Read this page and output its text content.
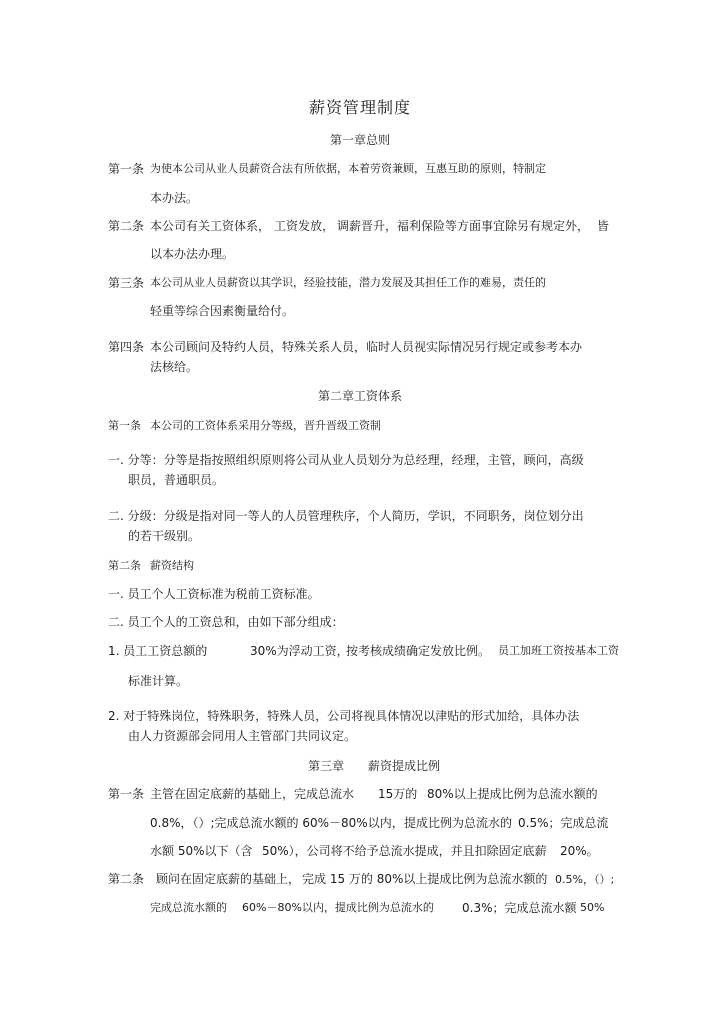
薪资管理制度
第一章总则
第一条 为使本公司从业人员薪资合法有所依据，本着劳资兼顾，互惠互助的原则，特制定
本办法。
第二条 本公司有关工资体系， 工资发放， 调薪晋升，福利保险等方面事宜除另有规定外， 皆
以本办法办理。
第三条 本公司从业人员薪资以其学识，经验技能，潜力发展及其担任工作的难易，责任的
轻重等综合因素衡量给付。
第四条 本公司顾问及特约人员，特殊关系人员，临时人员视实际情况另行规定或参考本办
法核给。
第二章工资体系
第一条 本公司的工资体系采用分等级，晋升晋级工资制
一. 分等：分等是指按照组织原则将公司从业人员划分为总经理，经理，主管，顾问，高级
职员，普通职员。
二. 分级：分级是指对同一等人的人员管理秩序，个人简历，学识，不同职务，岗位划分出
的若干级别。
第二条 薪资结构
一. 员工个人工资标准为税前工资标准。
二. 员工个人的工资总和，由如下部分组成：
1. 员工工资总额的	30%为浮动工资，
按考核成绩确定发放比例。 员工加班工资按基本工资
标准计算。
2. 对于特殊岗位，特殊职务，特殊人员，公司将视具体情况以津贴的形式加给，具体办法
由人力资源部会同用人主管部门共同议定。
第三章 薪资提成比例
第一条 主管在固定底薪的基础上，完成总流水 15万的 80%以上提成比例为总流水额的
0.8%，（）;完成总流水额的 60%－80%以内， 提成比例为总流水的 0.5%；完成总流
水额 50%以下（含 50%），公司将不给予总流水提成，并且扣除固定底薪 20%。
第二条 顾问在固定底薪的基础上， 完成 15 万的 80%以上提成比例为总流水额的 0.5%，（）;
完成总流水额的 60%－80%以内，提成比例为总流水的 0.3%；完成总流水额 50%
